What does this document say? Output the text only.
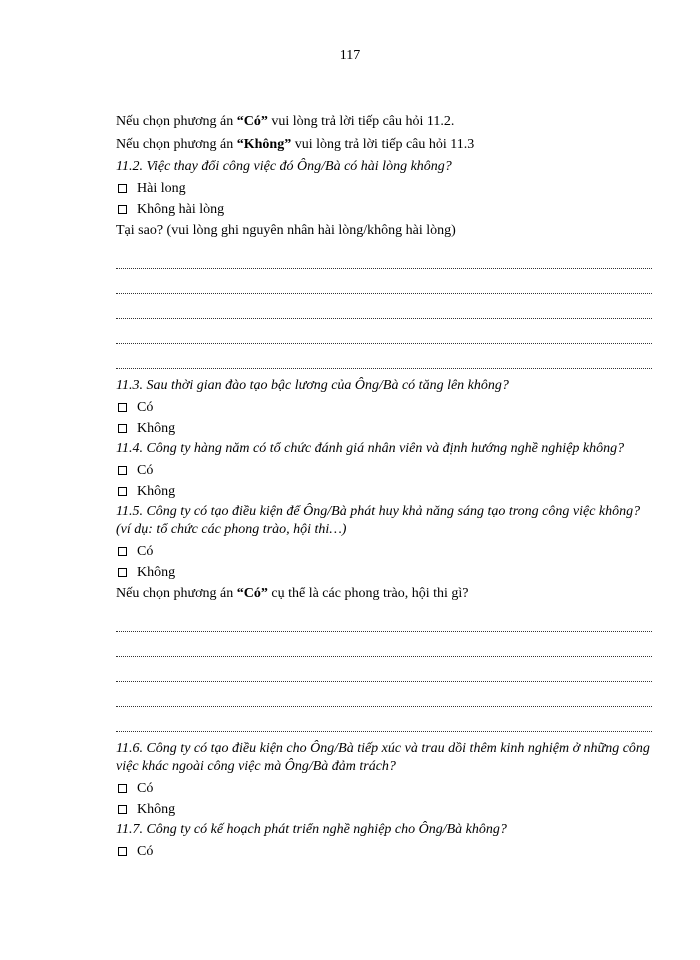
117

Nếu chọn phương án “Có” vui lòng trả lời tiếp câu hỏi 11.2.

Nếu chọn phương án “Không” vui lòng trả lời tiếp câu hỏi 11.3

11.2. Việc thay đổi công việc đó Ông/Bà có hài lòng không?

Hài long
Không hài lòng

Tại sao? (vui lòng ghi nguyên nhân hài lòng/không hài lòng)

11.3. Sau thời gian đào tạo bậc lương của Ông/Bà có tăng lên không?

Có
Không

11.4. Công ty hàng năm có tổ chức đánh giá nhân viên và định hướng nghề nghiệp không?

Có
Không

11.5. Công ty có tạo điều kiện để Ông/Bà phát huy khả năng sáng tạo trong công việc không? (ví dụ: tổ chức các phong trào, hội thi…)

Có
Không

Nếu chọn phương án “Có” cụ thể là các phong trào, hội thi gì?

11.6. Công ty có tạo điều kiện cho Ông/Bà tiếp xúc và trau dồi thêm kinh nghiệm ở những công việc khác ngoài công việc mà Ông/Bà đảm trách?

Có
Không

11.7. Công ty có kế hoạch phát triển nghề nghiệp cho Ông/Bà không?

Có
